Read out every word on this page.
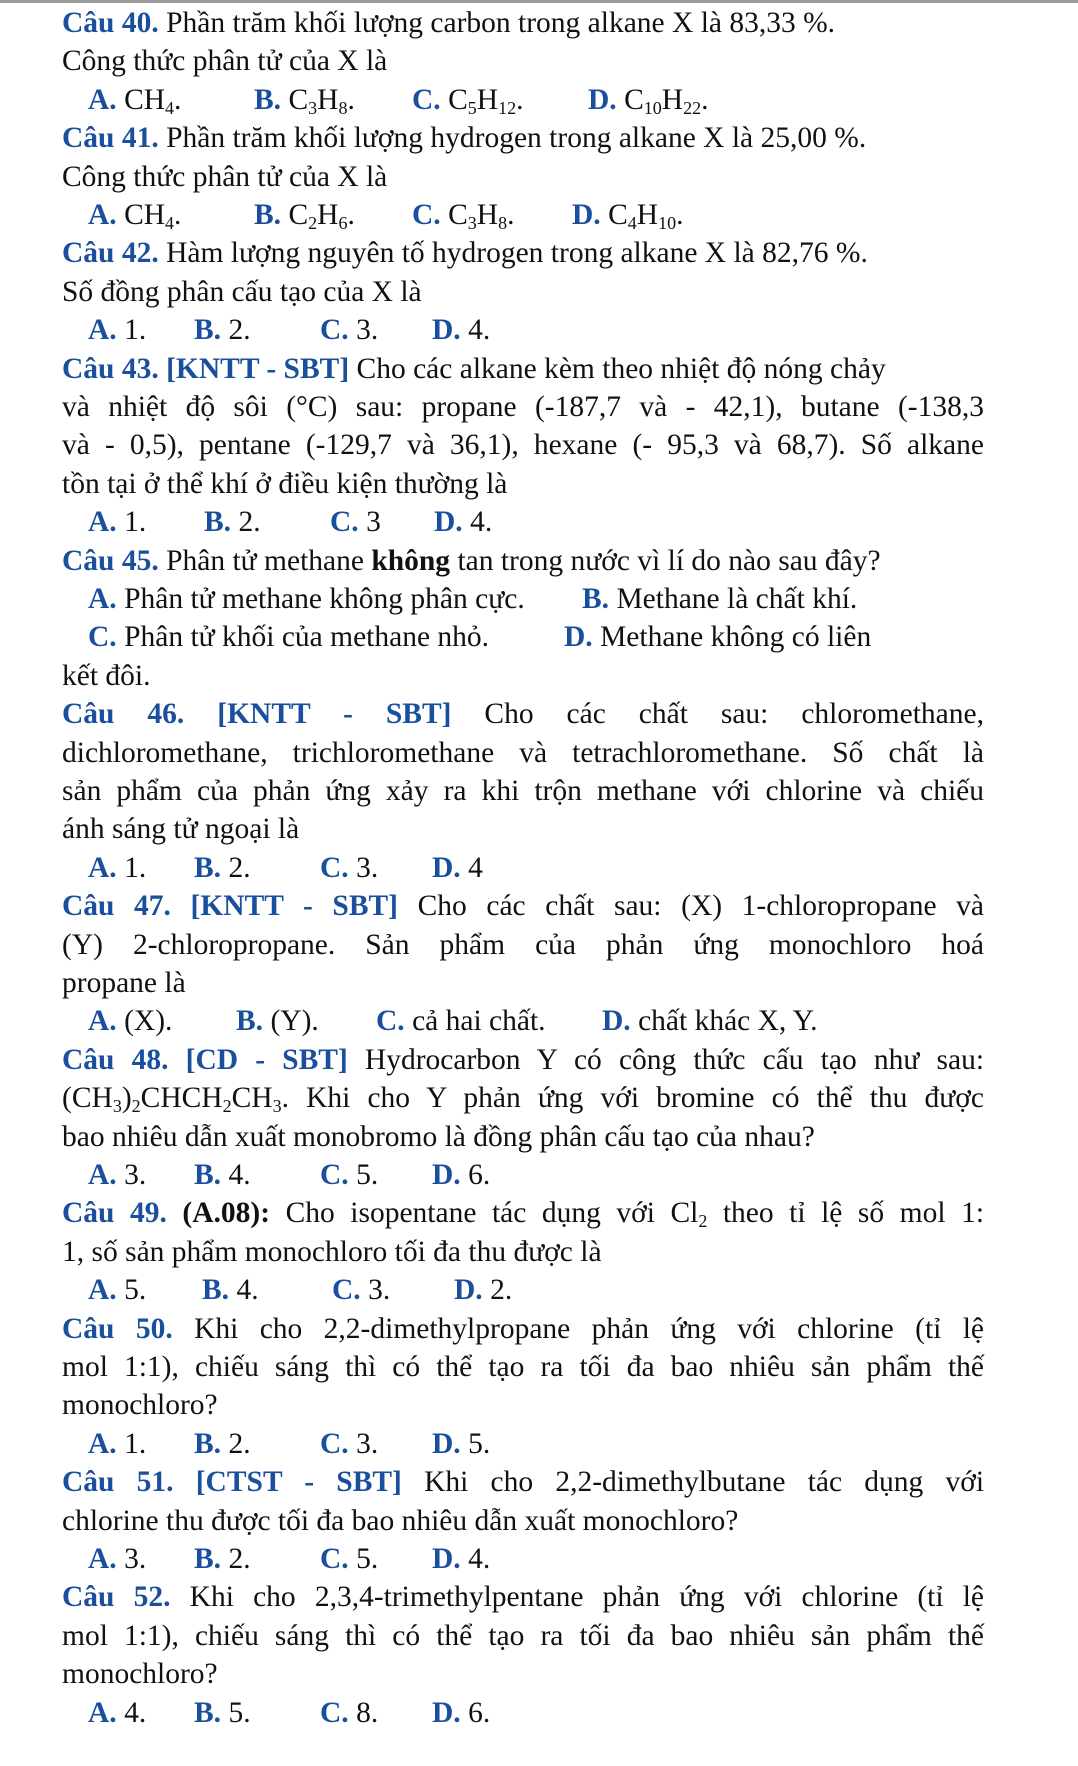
Câu 40. Phần trăm khối lượng carbon trong alkane X là 83,33 %.
Công thức phân tử của X là
A. $CH_4$. B. $C_3H_8$. C. $C_5H_{12}$. D. $C_{10}H_{22}$.
Câu 41. Phần trăm khối lượng hydrogen trong alkane X là 25,00 %.
Công thức phân tử của X là
A. $CH_4$. B. $C_2H_6$. C. $C_3H_8$. D. $C_4H_{10}$.
Câu 42. Hàm lượng nguyên tố hydrogen trong alkane X là 82,76 %.
Số đồng phân cấu tạo của X là
A. 1. B. 2. C. 3. D. 4.
Câu 43. [KNTT - SBT] Cho các alkane kèm theo nhiệt độ nóng chảy
và nhiệt độ sôi (°C) sau: propane (-187,7 và - 42,1), butane (-138,3
và - 0,5), pentane (-129,7 và 36,1), hexane (- 95,3 và 68,7). Số alkane
tồn tại ở thể khí ở điều kiện thường là
A. 1. B. 2. C. 3 D. 4.
Câu 45. Phân tử methane không tan trong nước vì lí do nào sau đây?
A. Phân tử methane không phân cực. B. Methane là chất khí.
C. Phân tử khối của methane nhỏ.	D. Methane không có liên
kết đôi.
Câu 46. [KNTT - SBT] Cho các chất sau: chloromethane,
dichloromethane, trichloromethane và tetrachloromethane. Số chất là
sản phẩm của phản ứng xảy ra khi trộn methane với chlorine và chiếu
ánh sáng tử ngoại là
A. 1. B. 2. C. 3. D. 4
Câu 47. [KNTT - SBT] Cho các chất sau: (X) 1-chloropropane và
(Y) 2-chloropropane. Sản phẩm của phản ứng monochloro hoá
propane là
A. (X). B. (Y). C. cả hai chất. D. chất khác X, Y.
Câu 48. [CD - SBT] Hydrocarbon Y có công thức cấu tạo như sau:
$(CH_3)_2CHCH_2CH_3$. Khi cho Y phản ứng với bromine có thể thu được
bao nhiêu dẫn xuất monobromo là đồng phân cấu tạo của nhau?
A. 3. B. 4. C. 5. D. 6.
Câu 49. (A.08): Cho isopentane tác dụng với $Cl_2$ theo tỉ lệ số mol 1:
1, số sản phẩm monochloro tối đa thu được là
A. 5. B. 4. C. 3. D. 2.
Câu 50. Khi cho 2,2-dimethylpropane phản ứng với chlorine (tỉ lệ
mol 1:1), chiếu sáng thì có thể tạo ra tối đa bao nhiêu sản phẩm thế
monochloro?
A. 1. B. 2. C. 3. D. 5.
Câu 51. [CTST - SBT] Khi cho 2,2-dimethylbutane tác dụng với
chlorine thu được tối đa bao nhiêu dẫn xuất monochloro?
A. 3. B. 2. C. 5. D. 4.
Câu 52. Khi cho 2,3,4-trimethylpentane phản ứng với chlorine (tỉ lệ
mol 1:1), chiếu sáng thì có thể tạo ra tối đa bao nhiêu sản phẩm thế
monochloro?
A. 4. B. 5. C. 8. D. 6.
